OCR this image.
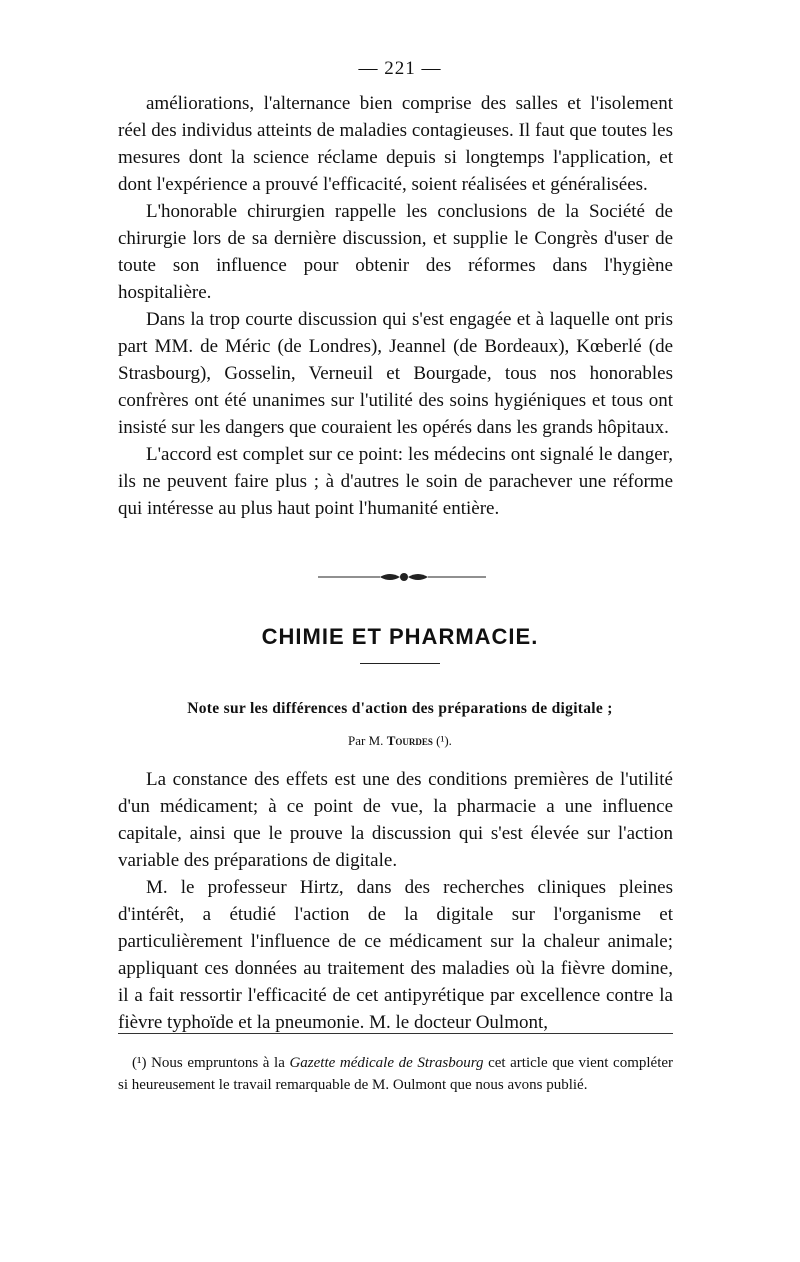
— 221 —

améliorations, l'alternance bien comprise des salles et l'isolement réel des individus atteints de maladies contagieuses. Il faut que toutes les mesures dont la science réclame depuis si longtemps l'application, et dont l'expérience a prouvé l'efficacité, soient réalisées et généralisées.

L'honorable chirurgien rappelle les conclusions de la Société de chirurgie lors de sa dernière discussion, et supplie le Congrès d'user de toute son influence pour obtenir des réformes dans l'hygiène hospitalière.

Dans la trop courte discussion qui s'est engagée et à laquelle ont pris part MM. de Méric (de Londres), Jeannel (de Bordeaux), Kœberlé (de Strasbourg), Gosselin, Verneuil et Bourgade, tous nos honorables confrères ont été unanimes sur l'utilité des soins hygiéniques et tous ont insisté sur les dangers que couraient les opérés dans les grands hôpitaux.

L'accord est complet sur ce point: les médecins ont signalé le danger, ils ne peuvent faire plus ; à d'autres le soin de parachever une réforme qui intéresse au plus haut point l'humanité entière.

CHIMIE ET PHARMACIE.
Note sur les différences d'action des préparations de digitale ;
Par M. Tourdes (¹).

La constance des effets est une des conditions premières de l'utilité d'un médicament; à ce point de vue, la pharmacie a une influence capitale, ainsi que le prouve la discussion qui s'est élevée sur l'action variable des préparations de digitale.

M. le professeur Hirtz, dans des recherches cliniques pleines d'intérêt, a étudié l'action de la digitale sur l'organisme et particulièrement l'influence de ce médicament sur la chaleur animale; appliquant ces données au traitement des maladies où la fièvre domine, il a fait ressortir l'efficacité de cet antipyrétique par excellence contre la fièvre typhoïde et la pneumonie. M. le docteur Oulmont,

(¹) Nous empruntons à la Gazette médicale de Strasbourg cet article que vient compléter si heureusement le travail remarquable de M. Oulmont que nous avons publié.
